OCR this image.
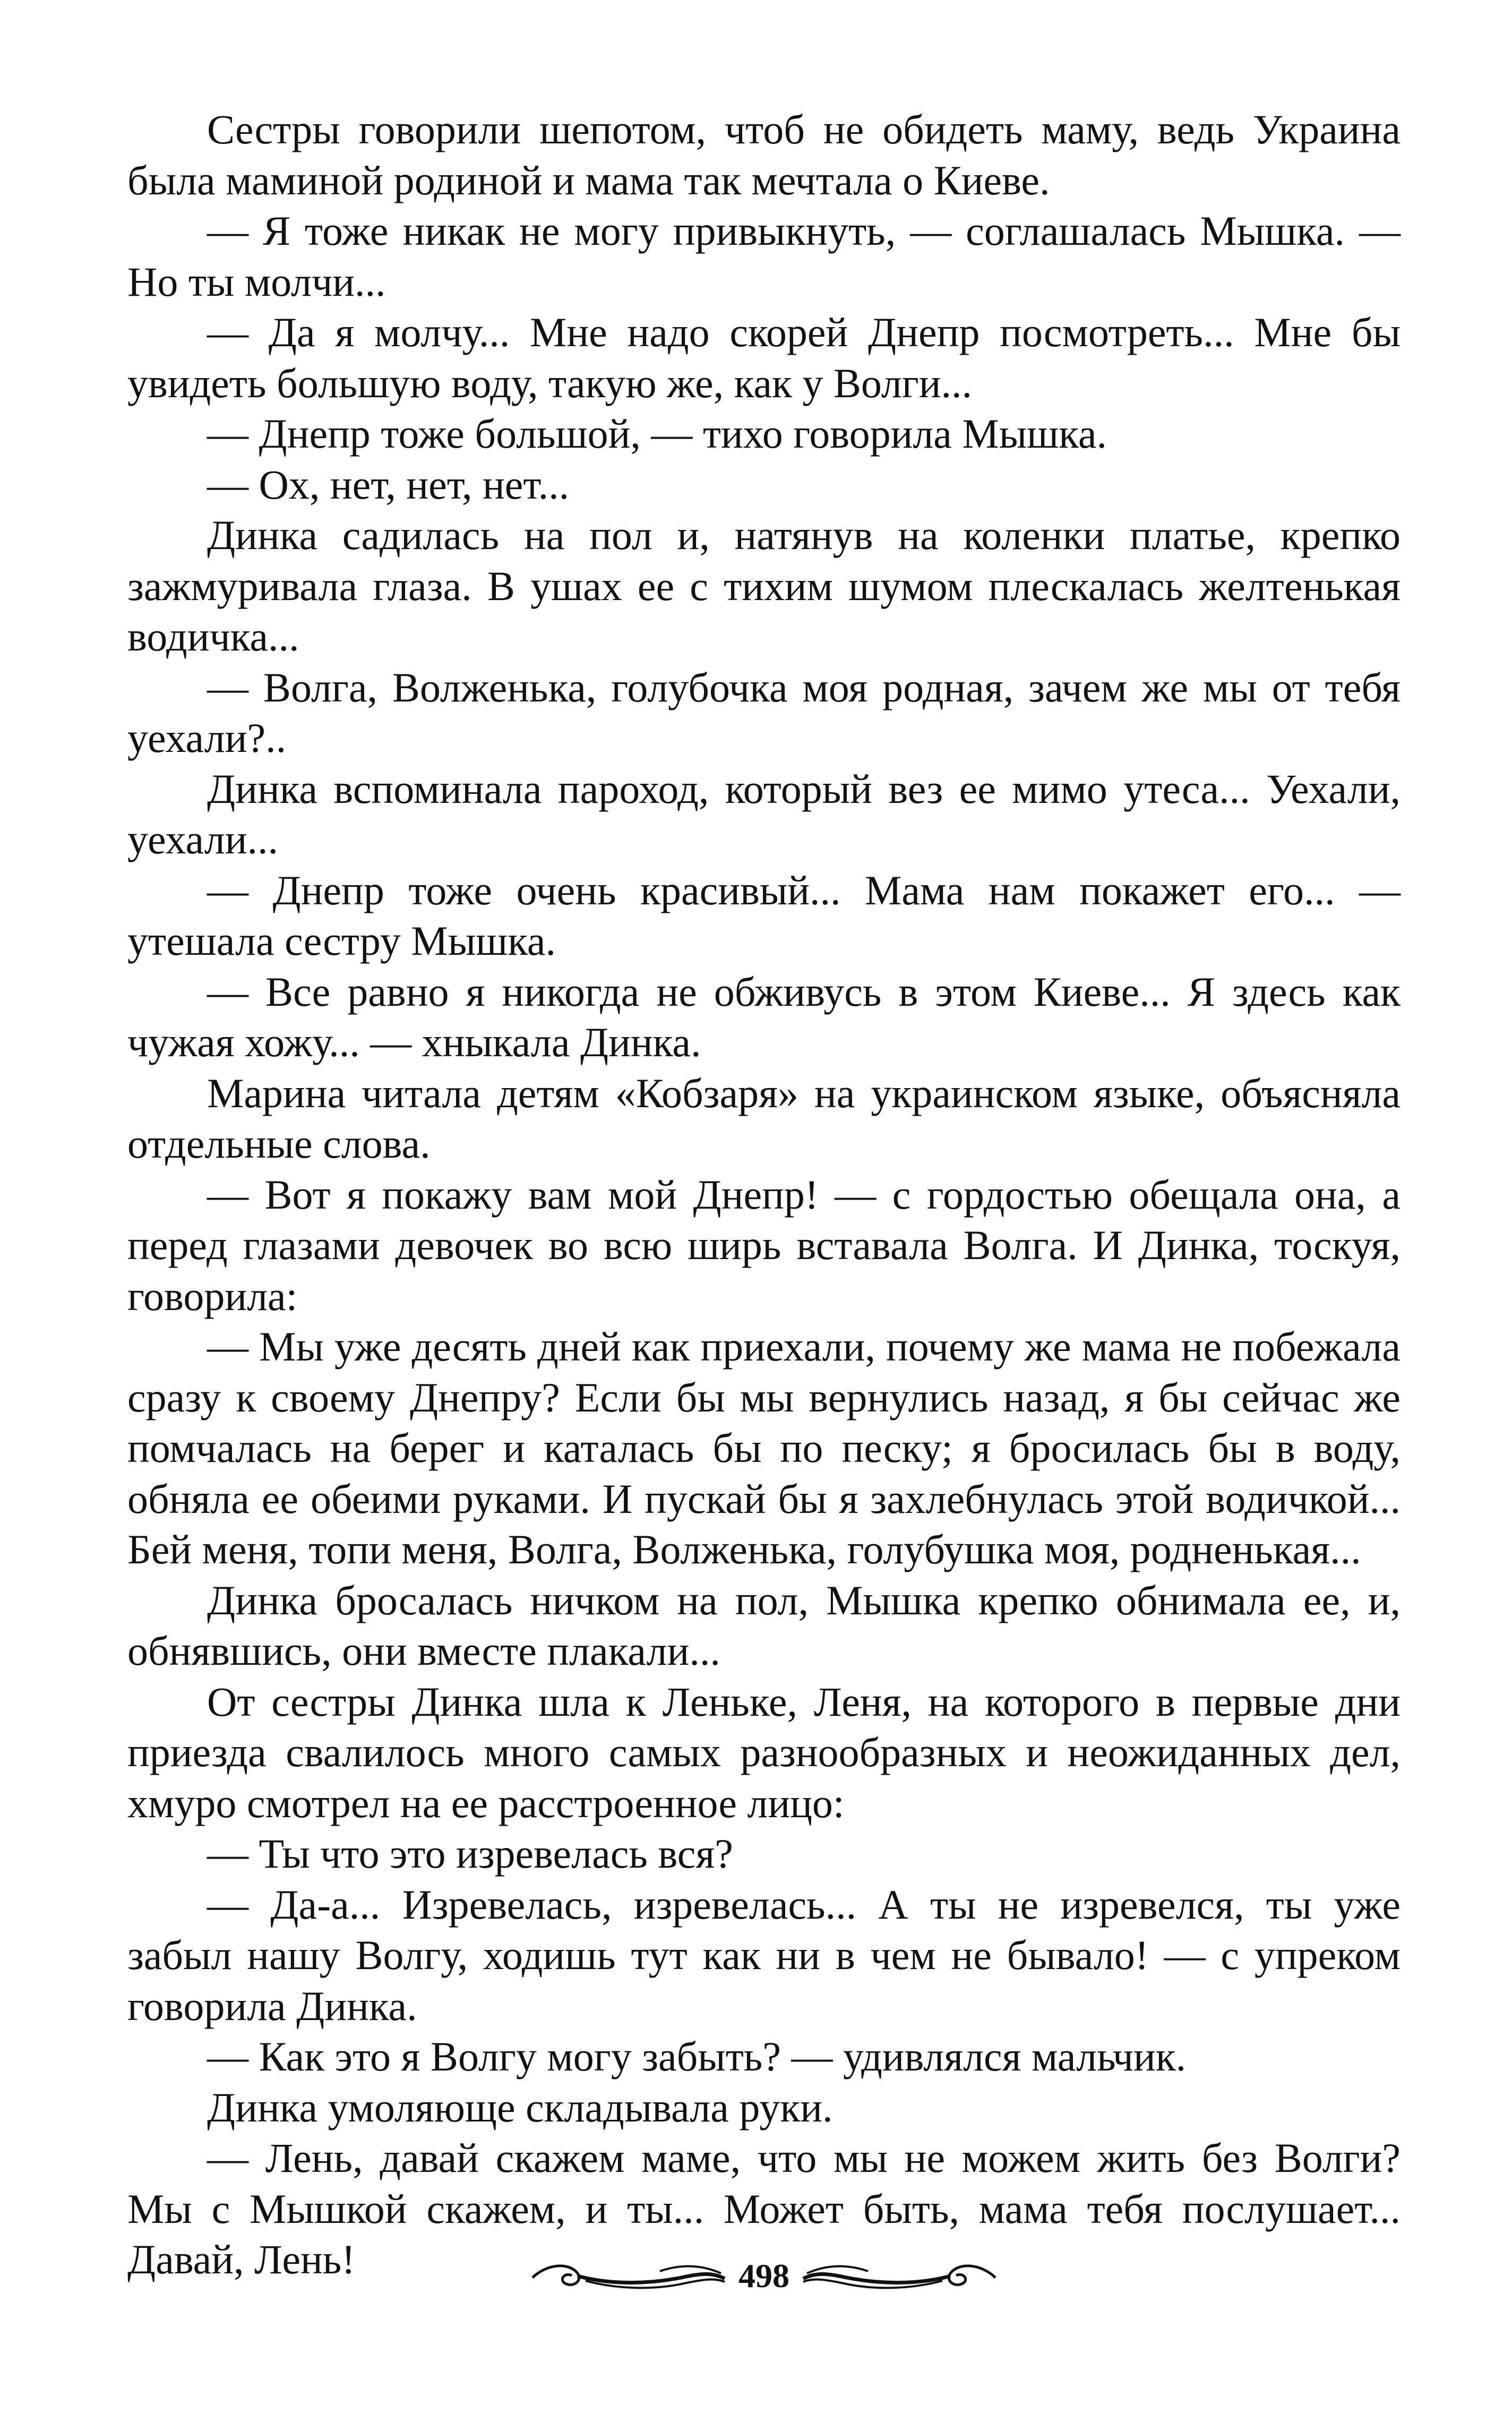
Сестры говорили шепотом, чтоб не обидеть маму, ведь Украина была маминой родиной и мама так мечтала о Киеве.

— Я тоже никак не могу привыкнуть, — соглашалась Мышка. — Но ты молчи...

— Да я молчу... Мне надо скорей Днепр посмотреть... Мне бы увидеть большую воду, такую же, как у Волги...

— Днепр тоже большой, — тихо говорила Мышка.

— Ох, нет, нет, нет...

Динка садилась на пол и, натянув на коленки платье, крепко зажмуривала глаза. В ушах ее с тихим шумом плескалась желтенькая водичка...

— Волга, Волженька, голубочка моя родная, зачем же мы от тебя уехали?..

Динка вспоминала пароход, который вез ее мимо утеса... Уехали, уехали...

— Днепр тоже очень красивый... Мама нам покажет его... — утешала сестру Мышка.

— Все равно я никогда не обживусь в этом Киеве... Я здесь как чужая хожу... — хныкала Динка.

Марина читала детям «Кобзаря» на украинском языке, объясняла отдельные слова.

— Вот я покажу вам мой Днепр! — с гордостью обещала она, а перед глазами девочек во всю ширь вставала Волга. И Динка, тоскуя, говорила:

— Мы уже десять дней как приехали, почему же мама не побежала сразу к своему Днепру? Если бы мы вернулись назад, я бы сейчас же помчалась на берег и каталась бы по песку; я бросилась бы в воду, обняла ее обеими руками. И пускай бы я захлебнулась этой водичкой... Бей меня, топи меня, Волга, Волженька, голубушка моя, родненькая...

Динка бросалась ничком на пол, Мышка крепко обнимала ее, и, обнявшись, они вместе плакали...

От сестры Динка шла к Леньке, Леня, на которого в первые дни приезда свалилось много самых разнообразных и неожиданных дел, хмуро смотрел на ее расстроенное лицо:

— Ты что это изревелась вся?

— Да-а... Изревелась, изревелась... А ты не изревелся, ты уже забыл нашу Волгу, ходишь тут как ни в чем не бывало! — с упреком говорила Динка.

— Как это я Волгу могу забыть? — удивлялся мальчик.

Динка умоляюще складывала руки.

— Лень, давай скажем маме, что мы не можем жить без Волги? Мы с Мышкой скажем, и ты... Может быть, мама тебя послушает... Давай, Лень!	498
